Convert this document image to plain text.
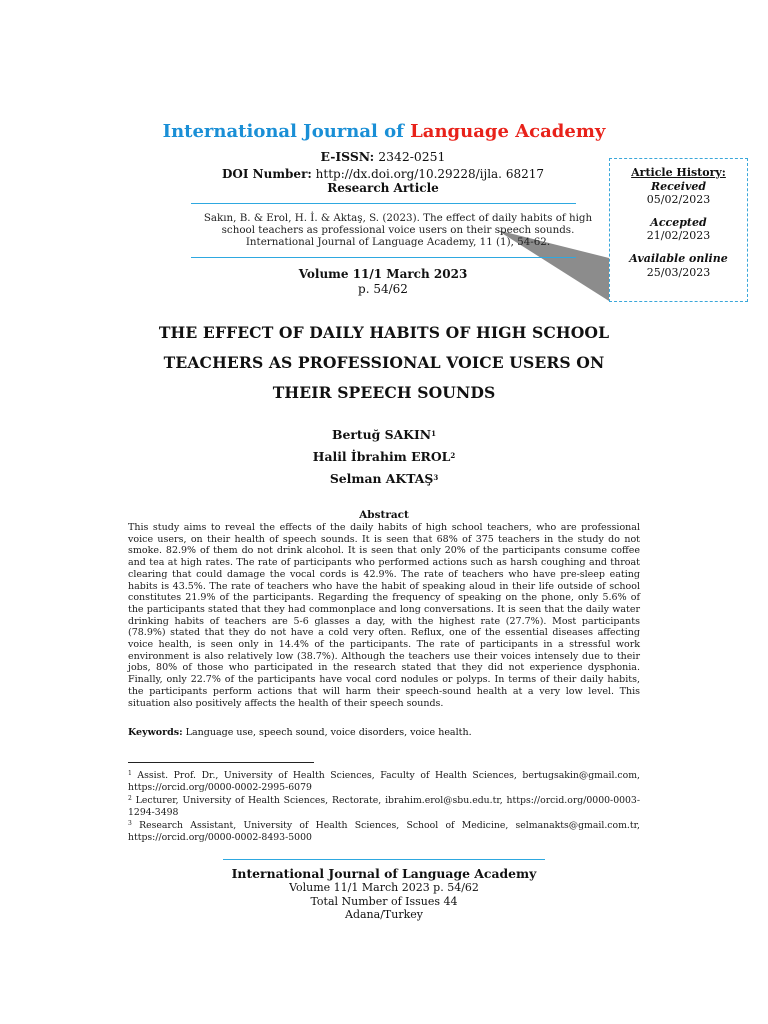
International Journal of Language Academy
E-ISSN: 2342-0251
DOI Number: http://dx.doi.org/10.29228/ijla. 68217
Research Article
Sakın, B. & Erol, H. İ. & Aktaş, S. (2023). The effect of daily habits of high school teachers as professional voice users on their speech sounds. International Journal of Language Academy, 11 (1), 54-62.
Volume 11/1 March 2023
p. 54/62
Article History:
Received
05/02/2023
Accepted
21/02/2023
Available online
25/03/2023
THE EFFECT OF DAILY HABITS OF HIGH SCHOOL
TEACHERS AS PROFESSIONAL VOICE USERS ON
THEIR SPEECH SOUNDS
Bertuğ SAKIN$^1$
Halil İbrahim EROL$^2$
Selman AKTAŞ$^3$
Abstract
This study aims to reveal the effects of the daily habits of high school teachers, who are professional voice users, on their health of speech sounds. It is seen that 68% of 375 teachers in the study do not smoke. 82.9% of them do not drink alcohol. It is seen that only 20% of the participants consume coffee and tea at high rates. The rate of participants who performed actions such as harsh coughing and throat clearing that could damage the vocal cords is 42.9%. The rate of teachers who have pre-sleep eating habits is 43.5%. The rate of teachers who have the habit of speaking aloud in their life outside of school constitutes 21.9% of the participants. Regarding the frequency of speaking on the phone, only 5.6% of the participants stated that they had commonplace and long conversations. It is seen that the daily water drinking habits of teachers are 5-6 glasses a day, with the highest rate (27.7%). Most participants (78.9%) stated that they do not have a cold very often. Reflux, one of the essential diseases affecting voice health, is seen only in 14.4% of the participants. The rate of participants in a stressful work environment is also relatively low (38.7%). Although the teachers use their voices intensely due to their jobs, 80% of those who participated in the research stated that they did not experience dysphonia. Finally, only 22.7% of the participants have vocal cord nodules or polyps. In terms of their daily habits, the participants perform actions that will harm their speech-sound health at a very low level. This situation also positively affects the health of their speech sounds.
Keywords: Language use, speech sound, voice disorders, voice health.
$^1$ Assist. Prof. Dr., University of Health Sciences, Faculty of Health Sciences, bertugsakin@gmail.com, https://orcid.org/0000-0002-2995-6079
$^2$ Lecturer, University of Health Sciences, Rectorate, ibrahim.erol@sbu.edu.tr, https://orcid.org/0000-0003-1294-3498
$^3$ Research Assistant, University of Health Sciences, School of Medicine, selmanakts@gmail.com.tr, https://orcid.org/0000-0002-8493-5000
International Journal of Language Academy
Volume 11/1 March 2023 p. 54/62
Total Number of Issues 44
Adana/Turkey
